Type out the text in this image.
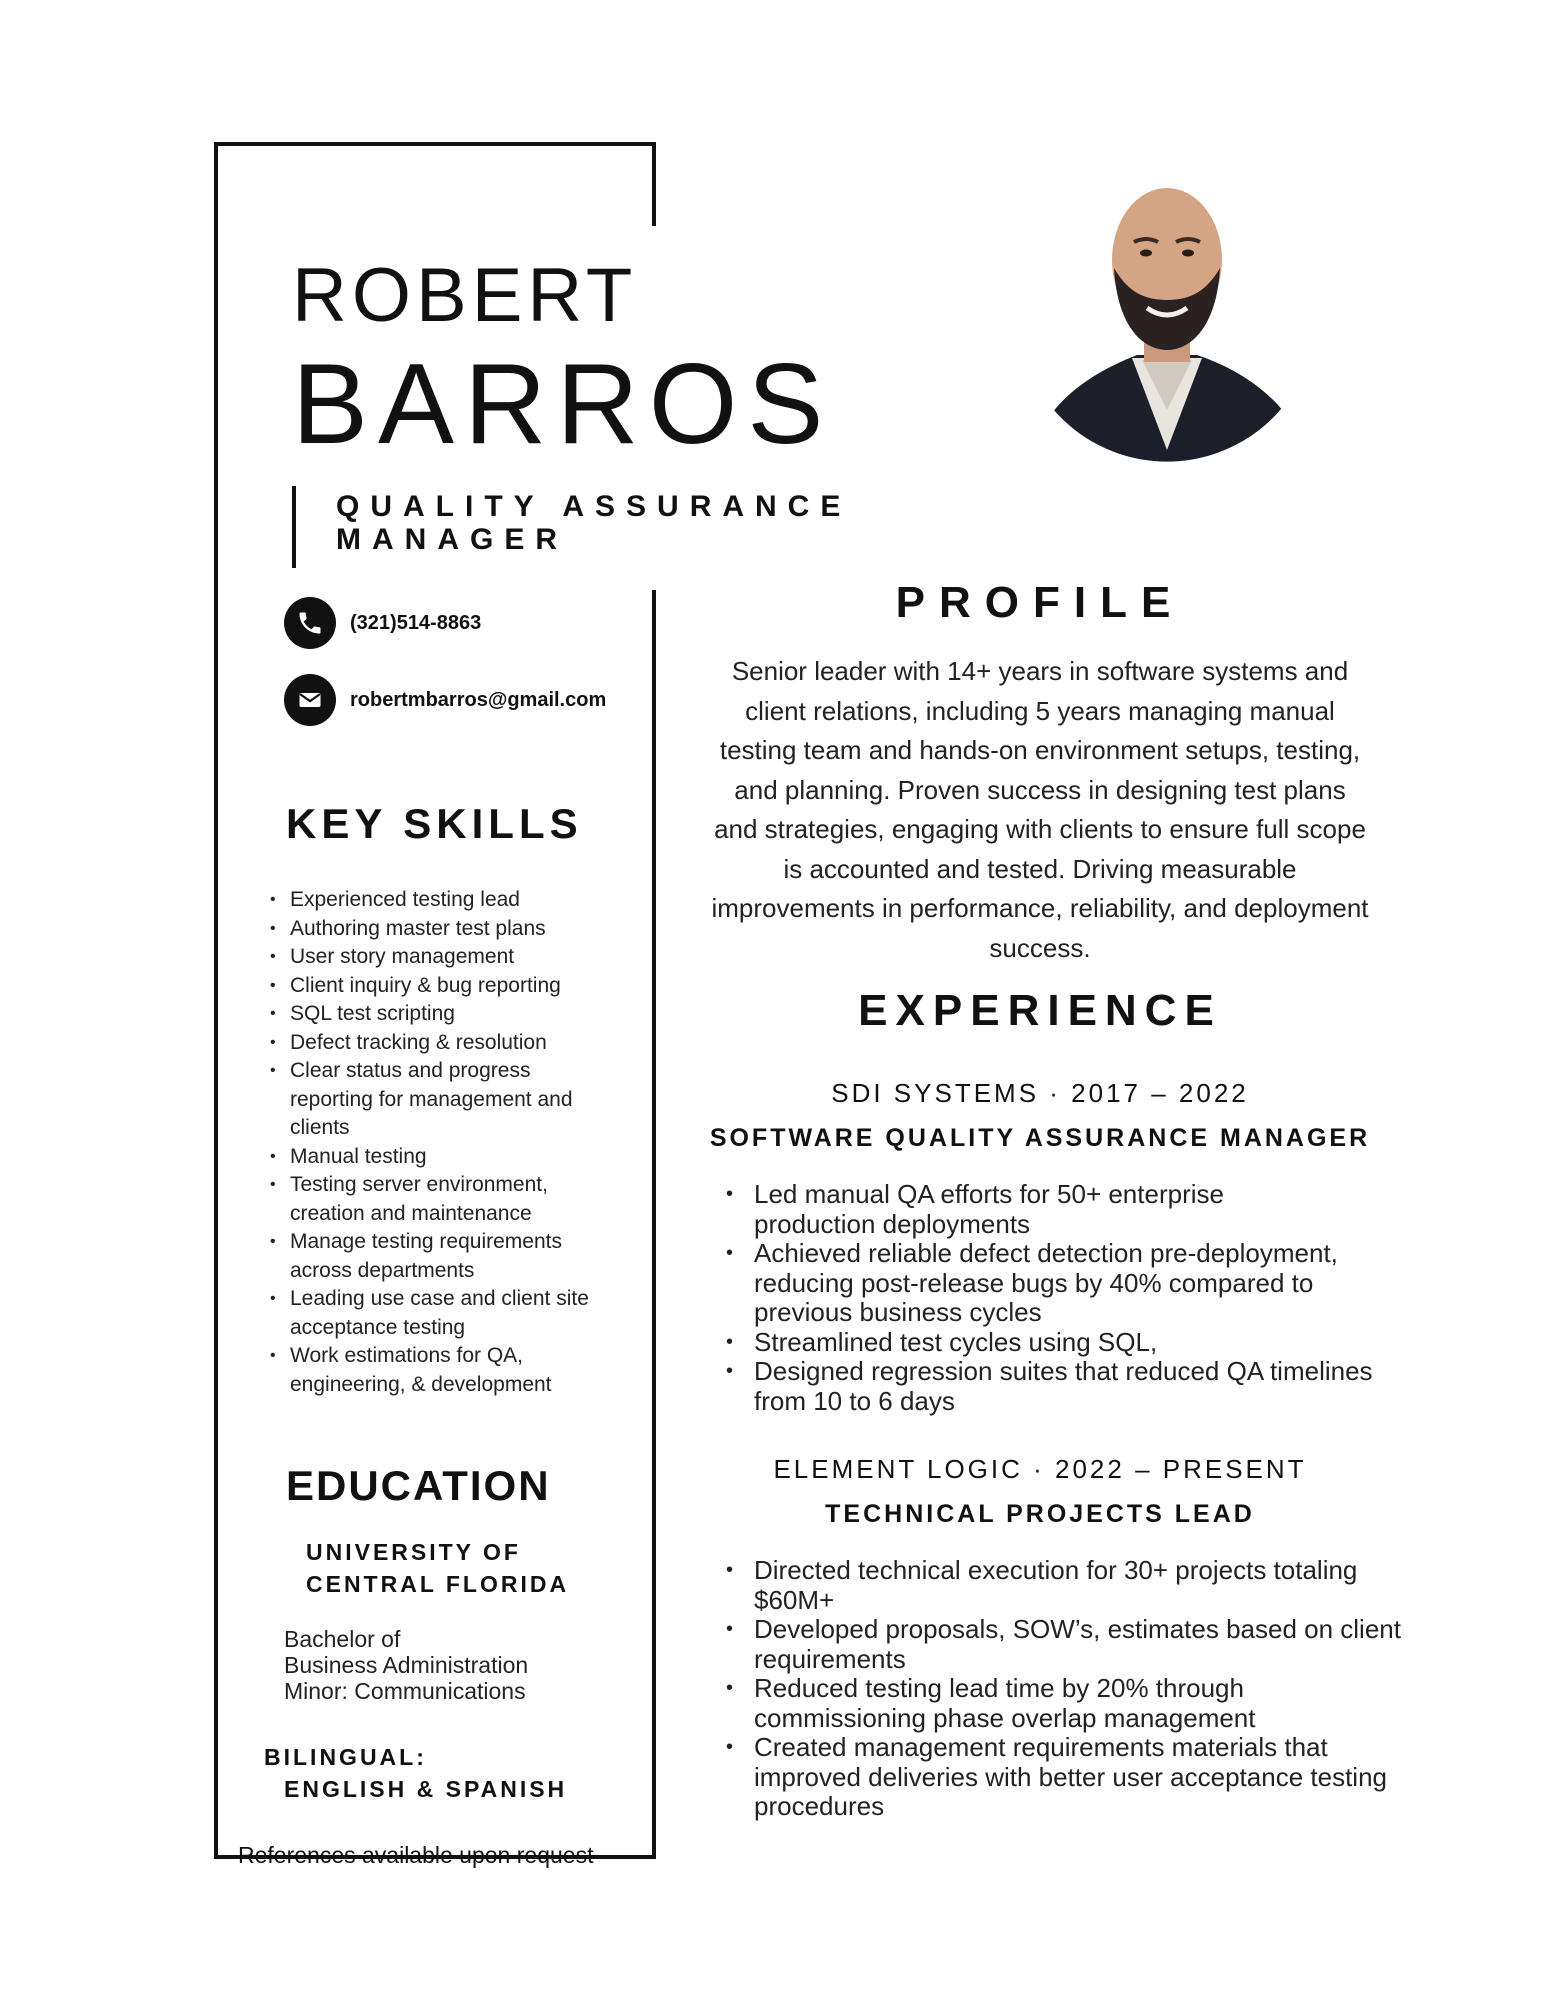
ROBERT
BARROS
QUALITY ASSURANCE MANAGER
(321)514-8863
robertmbarros@gmail.com
KEY SKILLS
• Experienced testing lead
• Authoring master test plans
• User story management
• Client inquiry & bug reporting
• SQL test scripting
• Defect tracking & resolution
• Clear status and progress reporting for management and clients
• Manual testing
• Testing server environment, creation and maintenance
• Manage testing requirements across departments
• Leading use case and client site acceptance testing
• Work estimations for QA, engineering, & development
EDUCATION
UNIVERSITY OF CENTRAL FLORIDA
Bachelor of
Business Administration
Minor: Communications
BILINGUAL:
ENGLISH & SPANISH
References available upon request
PROFILE
Senior leader with 14+ years in software systems and client relations, including 5 years managing manual testing team and hands-on environment setups, testing, and planning. Proven success in designing test plans and strategies, engaging with clients to ensure full scope is accounted and tested. Driving measurable improvements in performance, reliability, and deployment success.
EXPERIENCE
SDI SYSTEMS · 2017 – 2022
SOFTWARE QUALITY ASSURANCE MANAGER
• Led manual QA efforts for 50+ enterprise production deployments
• Achieved reliable defect detection pre-deployment, reducing post-release bugs by 40% compared to previous business cycles
• Streamlined test cycles using SQL,
• Designed regression suites that reduced QA timelines from 10 to 6 days
ELEMENT LOGIC · 2022 – PRESENT
TECHNICAL PROJECTS LEAD
• Directed technical execution for 30+ projects totaling $60M+
• Developed proposals, SOW’s, estimates based on client requirements
• Reduced testing lead time by 20% through commissioning phase overlap management
• Created management requirements materials that improved deliveries with better user acceptance testing procedures
